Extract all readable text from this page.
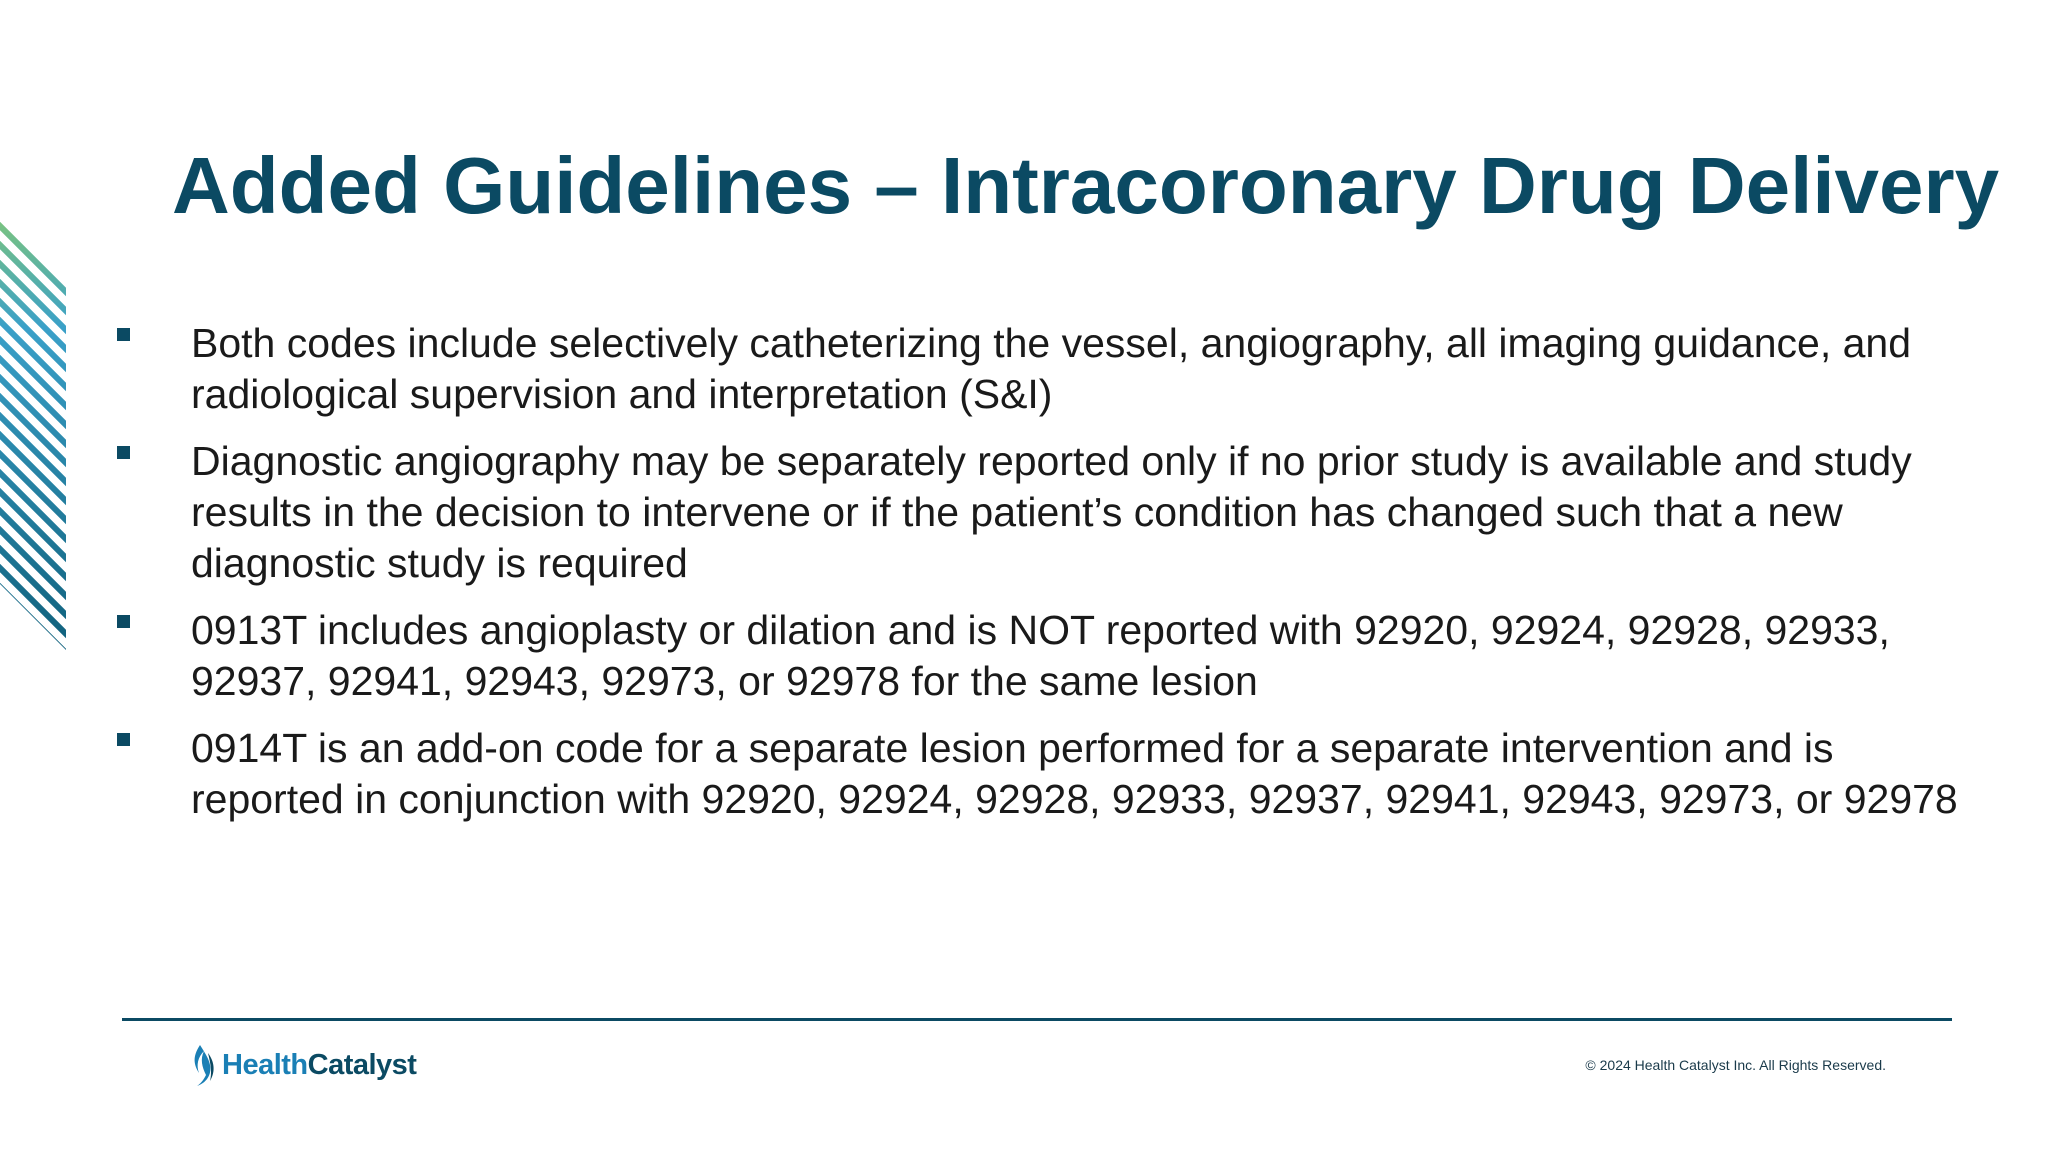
Added Guidelines – Intracoronary Drug Delivery
Both codes include selectively catheterizing the vessel, angiography, all imaging guidance, and radiological supervision and interpretation (S&I)
Diagnostic angiography may be separately reported only if no prior study is available and study results in the decision to intervene or if the patient’s condition has changed such that a new diagnostic study is required
0913T includes angioplasty or dilation and is NOT reported with 92920, 92924, 92928, 92933, 92937, 92941, 92943, 92973, or 92978 for the same lesion
0914T is an add-on code for a separate lesion performed for a separate intervention and is reported in conjunction with 92920, 92924, 92928, 92933, 92937, 92941, 92943, 92973, or 92978
HealthCatalyst	© 2024 Health Catalyst Inc. All Rights Reserved.
